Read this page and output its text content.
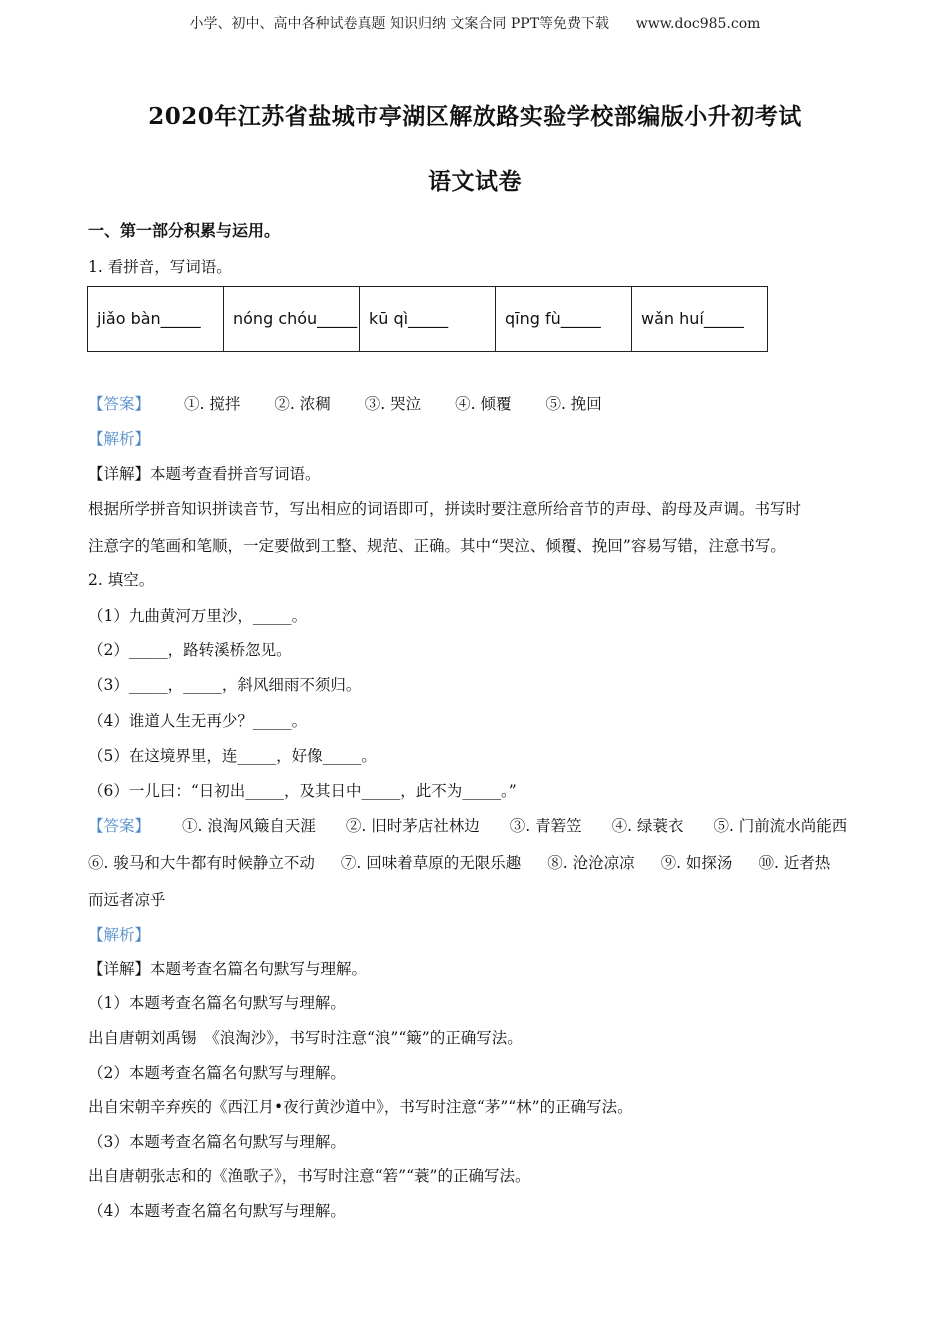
小学、初中、高中各种试卷真题 知识归纳 文案合同 PPT等免费下载      www.doc985.com
2020年江苏省盐城市亭湖区解放路实验学校部编版小升初考试
语文试卷
一、第一部分积累与运用。
1. 看拼音，写词语。
jiǎo bàn_____	nóng chóu_____	kū qì_____	qīng fù_____	wǎn huí_____
【答案】 ①. 搅拌 ②. 浓稠 ③. 哭泣 ④. 倾覆 ⑤. 挽回
【解析】
【详解】本题考查看拼音写词语。
根据所学拼音知识拼读音节，写出相应的词语即可，拼读时要注意所给音节的声母、韵母及声调。书写时
注意字的笔画和笔顺，一定要做到工整、规范、正确。其中“哭泣、倾覆、挽回”容易写错，注意书写。
2. 填空。
（1）九曲黄河万里沙，_____。
（2）_____，路转溪桥忽见。
（3）_____，_____，斜风细雨不须归。
（4）谁道人生无再少？_____。
（5）在这境界里，连_____，好像_____。
（6）一儿曰：“日初出_____，及其日中_____，此不为_____。”
【答案】 ①. 浪淘风簸自天涯 ②. 旧时茅店社林边 ③. 青箬笠 ④. 绿蓑衣 ⑤. 门前流水尚能西
⑥. 骏马和大牛都有时候静立不动 ⑦. 回味着草原的无限乐趣 ⑧. 沧沧凉凉 ⑨. 如探汤 ⑩. 近者热
而远者凉乎
【解析】
【详解】本题考查名篇名句默写与理解。
（1）本题考查名篇名句默写与理解。
出自唐朝刘禹锡　《浪淘沙》，书写时注意“浪”“簸”的正确写法。
（2）本题考查名篇名句默写与理解。
出自宋朝辛弃疾的《西江月•夜行黄沙道中》，书写时注意“茅”“林”的正确写法。
（3）本题考查名篇名句默写与理解。
出自唐朝张志和的《渔歌子》，书写时注意“箬”“蓑”的正确写法。
（4）本题考查名篇名句默写与理解。
